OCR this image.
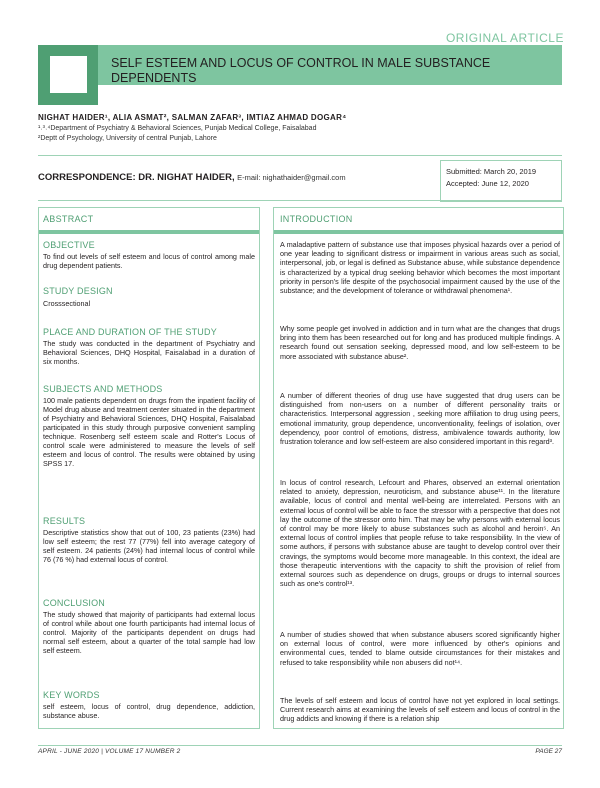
ORIGINAL ARTICLE
SELF ESTEEM AND LOCUS OF CONTROL IN MALE SUBSTANCE DEPENDENTS
NIGHAT HAIDER¹, ALIA ASMAT², SALMAN ZAFAR³, IMTIAZ AHMAD DOGAR⁴
¹˒³˒⁴Department of Psychiatry & Behavioral Sciences, Punjab Medical College, Faisalabad
²Deptt of Psychology, University of central Punjab, Lahore
CORRESPONDENCE: DR. NIGHAT HAIDER, E-mail: nighathaider@gmail.com
Submitted: March 20, 2019
Accepted: June 12, 2020
ABSTRACT
OBJECTIVE
To find out levels of self esteem and locus of control among male drug dependent patients.
STUDY DESIGN
Crosssectional
PLACE AND DURATION OF THE STUDY
The study was conducted in the department of Psychiatry and Behavioral Sciences, DHQ Hospital, Faisalabad in a duration of six months.
SUBJECTS AND METHODS
100 male patients dependent on drugs from the inpatient facility of Model drug abuse and treatment center situated in the department of Psychiatry and Behavioral Sciences, DHQ Hospital, Faisalabad participated in this study through purposive convenient sampling technique. Rosenberg self esteem scale and Rotter's Locus of control scale were administered to measure the levels of self esteem and locus of control. The results were obtained by using SPSS 17.
RESULTS
Descriptive statistics show that out of 100, 23 patients (23%) had low self esteem; the rest 77 (77%) fell into average category of self esteem. 24 patients (24%) had internal locus of control while 76 (76 %) had external locus of control.
CONCLUSION
The study showed that majority of participants had external locus of control while about one fourth participants had internal locus of control. Majority of the participants dependent on drugs had normal self esteem, about a quarter of the total sample had low self esteem.
KEY WORDS
self esteem, locus of control, drug dependence, addiction, substance abuse.
INTRODUCTION
A maladaptive pattern of substance use that imposes physical hazards over a period of one year leading to significant distress or impairment in various areas such as social, interpersonal, job, or legal is defined as Substance abuse, while substance dependence is characterized by a typical drug seeking behavior which becomes the most important priority in person's life despite of the psychosocial impairment caused by the use of the substance; and the development of tolerance or withdrawal phenomena¹.
Why some people get involved in addiction and in turn what are the changes that drugs bring into them has been researched out for long and has produced multiple findings. A research found out sensation seeking, depressed mood, and low self-esteem to be more associated with substance abuse².
A number of different theories of drug use have suggested that drug users can be distinguished from non-users on a number of different personality traits or characteristics. Interpersonal aggression , seeking more affiliation to drug using peers, emotional immaturity, group dependence, unconventionality, feelings of isolation, over dependency, poor control of emotions, distress, ambivalence towards authority, low frustration tolerance and low self-esteem are also considered important in this regard³.
In locus of control research, Lefcourt and Phares, observed an external orientation related to anxiety, depression, neuroticism, and substance abuse¹¹. In the literature available, locus of control and mental well-being are interrelated. Persons with an external locus of control will be able to face the stressor with a perspective that does not lay the outcome of the stressor onto him. That may be why persons with external locus of control may be more likely to abuse substances such as alcohol and heroin⁵. An external locus of control implies that people refuse to take responsibility. In the view of some authors, if persons with substance abuse are taught to develop control over their cravings, the symptoms would become more manageable. In this context, the ideal are those therapeutic interventions with the capacity to shift the provision of relief from external sources such as dependence on drugs, groups or drugs to internal sources such as one's control¹³.
A number of studies showed that when substance abusers scored significantly higher on external locus of control, were more influenced by other's opinions and environmental cues, tended to blame outside circumstances for their mistakes and refused to take responsibility while non abusers did not¹⁴.
The levels of self esteem and locus of control have not yet explored in local settings. Current research aims at examining the levels of self esteem and locus of control in the drug addicts and knowing if there is a relation ship
APRIL - JUNE 2020 | VOLUME 17 NUMBER 2	PAGE 27
